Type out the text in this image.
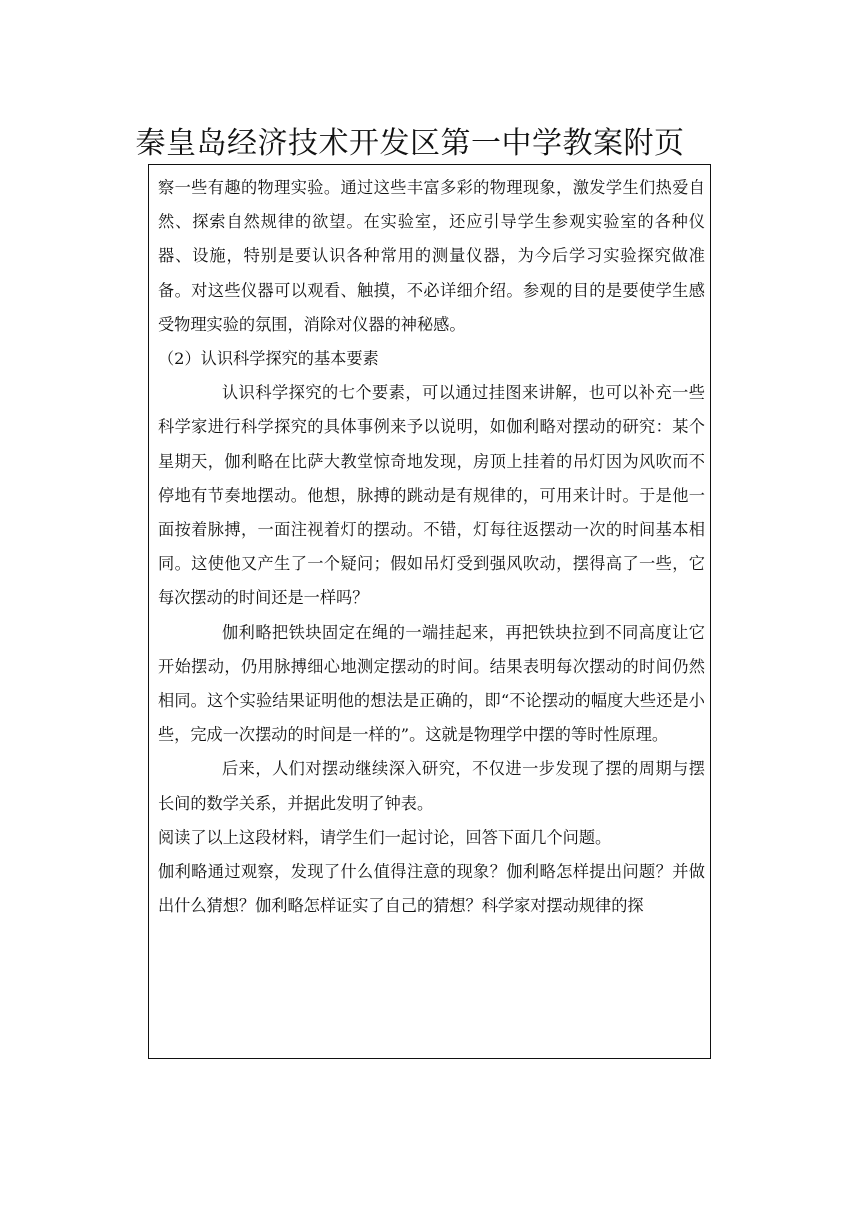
秦皇岛经济技术开发区第一中学教案附页

察一些有趣的物理实验。通过这些丰富多彩的物理现象，激发学生们热爱自然、探索自然规律的欲望。在实验室，还应引导学生参观实验室的各种仪器、设施，特别是要认识各种常用的测量仪器，为今后学习实验探究做准备。对这些仪器可以观看、触摸，不必详细介绍。参观的目的是要使学生感受物理实验的氛围，消除对仪器的神秘感。

（2）认识科学探究的基本要素

认识科学探究的七个要素，可以通过挂图来讲解，也可以补充一些科学家进行科学探究的具体事例来予以说明，如伽利略对摆动的研究：某个星期天，伽利略在比萨大教堂惊奇地发现，房顶上挂着的吊灯因为风吹而不停地有节奏地摆动。他想，脉搏的跳动是有规律的，可用来计时。于是他一面按着脉搏，一面注视着灯的摆动。不错，灯每往返摆动一次的时间基本相同。这使他又产生了一个疑问；假如吊灯受到强风吹动，摆得高了一些，它每次摆动的时间还是一样吗？

伽利略把铁块固定在绳的一端挂起来，再把铁块拉到不同高度让它开始摆动，仍用脉搏细心地测定摆动的时间。结果表明每次摆动的时间仍然相同。这个实验结果证明他的想法是正确的，即“不论摆动的幅度大些还是小些，完成一次摆动的时间是一样的”。这就是物理学中摆的等时性原理。

后来，人们对摆动继续深入研究，不仅进一步发现了摆的周期与摆长间的数学关系，并据此发明了钟表。

阅读了以上这段材料，请学生们一起讨论，回答下面几个问题。

伽利略通过观察，发现了什么值得注意的现象？伽利略怎样提出问题？并做出什么猜想？伽利略怎样证实了自己的猜想？科学家对摆动规律的探
